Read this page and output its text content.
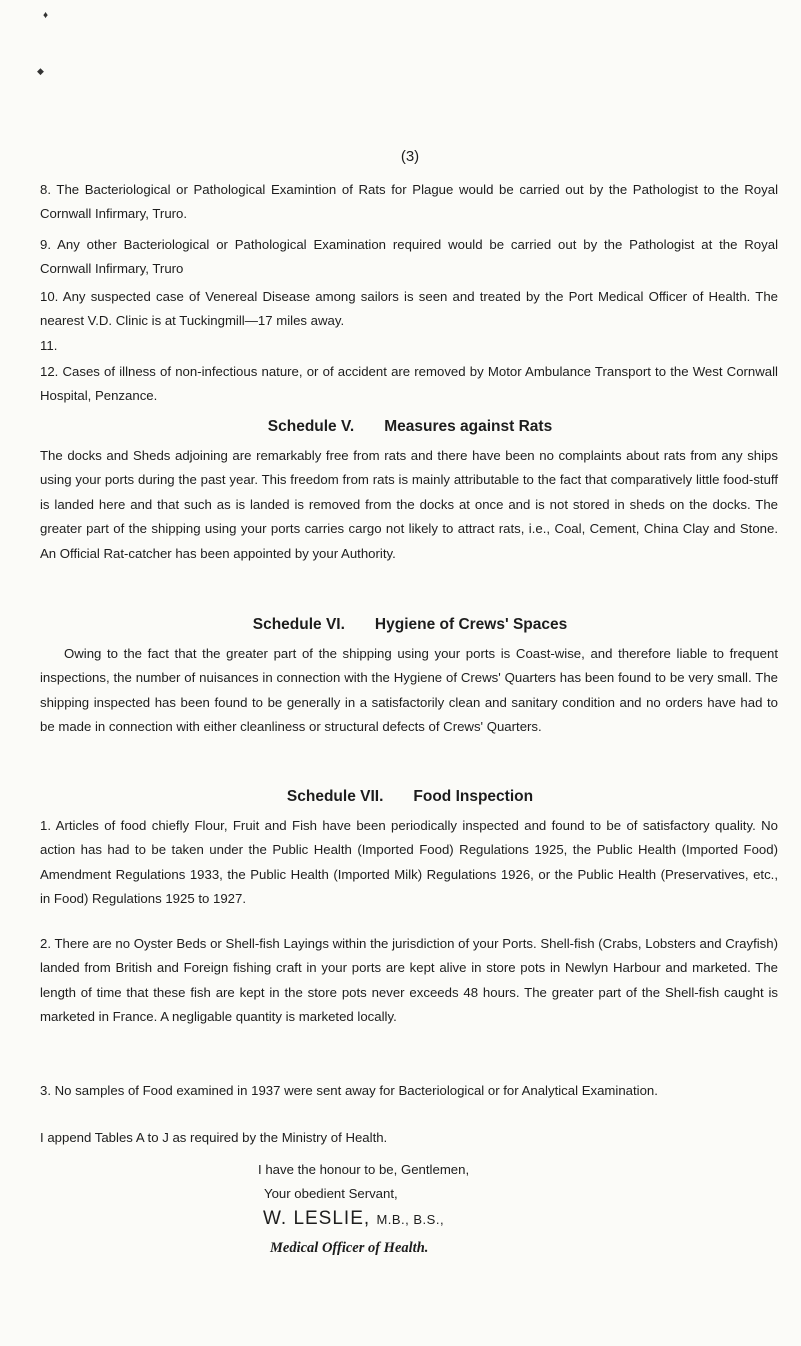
♦
◆
(3)

8. The Bacteriological or Pathological Examintion of Rats for Plague would be carried out by the Pathologist to the Royal Cornwall Infirmary, Truro.

9. Any other Bacteriological or Pathological Examination required would be carried out by the Pathologist at the Royal Cornwall Infirmary, Truro

10. Any suspected case of Venereal Disease among sailors is seen and treated by the Port Medical Officer of Health. The nearest V.D. Clinic is at Tuckingmill—17 miles away.

11.

12. Cases of illness of non-infectious nature, or of accident are removed by Motor Ambulance Transport to the West Cornwall Hospital, Penzance.

Schedule V. Measures against Rats

The docks and Sheds adjoining are remarkably free from rats and there have been no complaints about rats from any ships using your ports during the past year. This freedom from rats is mainly attributable to the fact that comparatively little food-stuff is landed here and that such as is landed is removed from the docks at once and is not stored in sheds on the docks. The greater part of the shipping using your ports carries cargo not likely to attract rats, i.e., Coal, Cement, China Clay and Stone. An Official Rat-catcher has been appointed by your Authority.

Schedule VI. Hygiene of Crews' Spaces

Owing to the fact that the greater part of the shipping using your ports is Coast-wise, and therefore liable to frequent inspections, the number of nuisances in connection with the Hygiene of Crews' Quarters has been found to be very small. The shipping inspected has been found to be generally in a satisfactorily clean and sanitary condition and no orders have had to be made in connection with either cleanliness or structural defects of Crews' Quarters.

Schedule VII. Food Inspection

1. Articles of food chiefly Flour, Fruit and Fish have been periodically inspected and found to be of satisfactory quality. No action has had to be taken under the Public Health (Imported Food) Regulations 1925, the Public Health (Imported Food) Amendment Regulations 1933, the Public Health (Imported Milk) Regulations 1926, or the Public Health (Preservatives, etc., in Food) Regulations 1925 to 1927.

2. There are no Oyster Beds or Shell-fish Layings within the jurisdiction of your Ports. Shell-fish (Crabs, Lobsters and Crayfish) landed from British and Foreign fishing craft in your ports are kept alive in store pots in Newlyn Harbour and marketed. The length of time that these fish are kept in the store pots never exceeds 48 hours. The greater part of the Shell-fish caught is marketed in France. A negligable quantity is marketed locally.

3. No samples of Food examined in 1937 were sent away for Bacteriological or for Analytical Examination.

I append Tables A to J as required by the Ministry of Health.
I have the honour to be, Gentlemen,
Your obedient Servant,
W. LESLIE, M.B., B.S.,
Medical Officer of Health.
